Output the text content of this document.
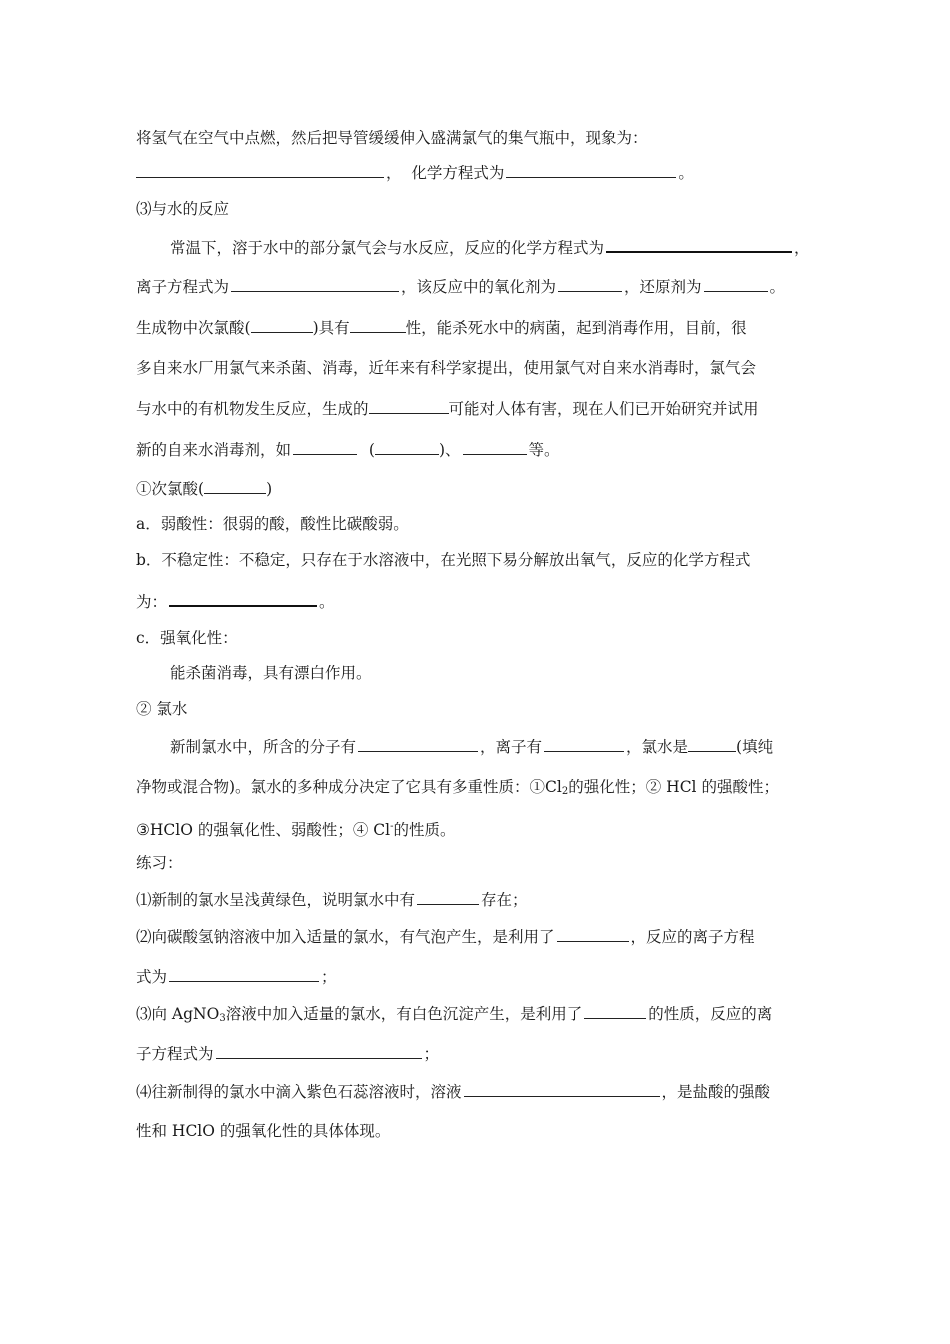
将氢气在空气中点燃，然后把导管缓缓伸入盛满氯气的集气瓶中，现象为：
， 化学方程式为	。
⑶与水的反应
常温下，溶于水中的部分氯气会与水反应，反应的化学方程式为	，
离子方程式为	，该反应中的氧化剂为	，还原剂为	。
生成物中次氯酸(	)具有	性，能杀死水中的病菌，起到消毒作用，目前，很
多自来水厂用氯气来杀菌、消毒，近年来有科学家提出，使用氯气对自来水消毒时，氯气会
与水中的有机物发生反应，生成的	可能对人体有害，现在人们已开始研究并试用
新的自来水消毒剂，如	(	)、	等。
①次氯酸(	)
a．弱酸性：很弱的酸，酸性比碳酸弱。
b．不稳定性：不稳定，只存在于水溶液中，在光照下易分解放出氧气，反应的化学方程式
为：	。
c．强氧化性：
能杀菌消毒，具有漂白作用。
② 氯水
新制氯水中，所含的分子有	，离子有	，氯水是	(填纯
净物或混合物)。氯水的多种成分决定了它具有多重性质：$①Cl_2$的强化性；② HCl 的强酸性；
③HClO 的强氧化性、弱酸性；④ Cl-的性质。
练习：
⑴新制的氯水呈浅黄绿色，说明氯水中有	存在；
⑵向碳酸氢钠溶液中加入适量的氯水，有气泡产生，是利用了	，反应的离子方程
式为	；
⑶向 AgNO$_3$溶液中加入适量的氯水，有白色沉淀产生，是利用了	的性质，反应的离
子方程式为	；
⑷往新制得的氯水中滴入紫色石蕊溶液时，溶液	，是盐酸的强酸
性和 HClO 的强氧化性的具体体现。
